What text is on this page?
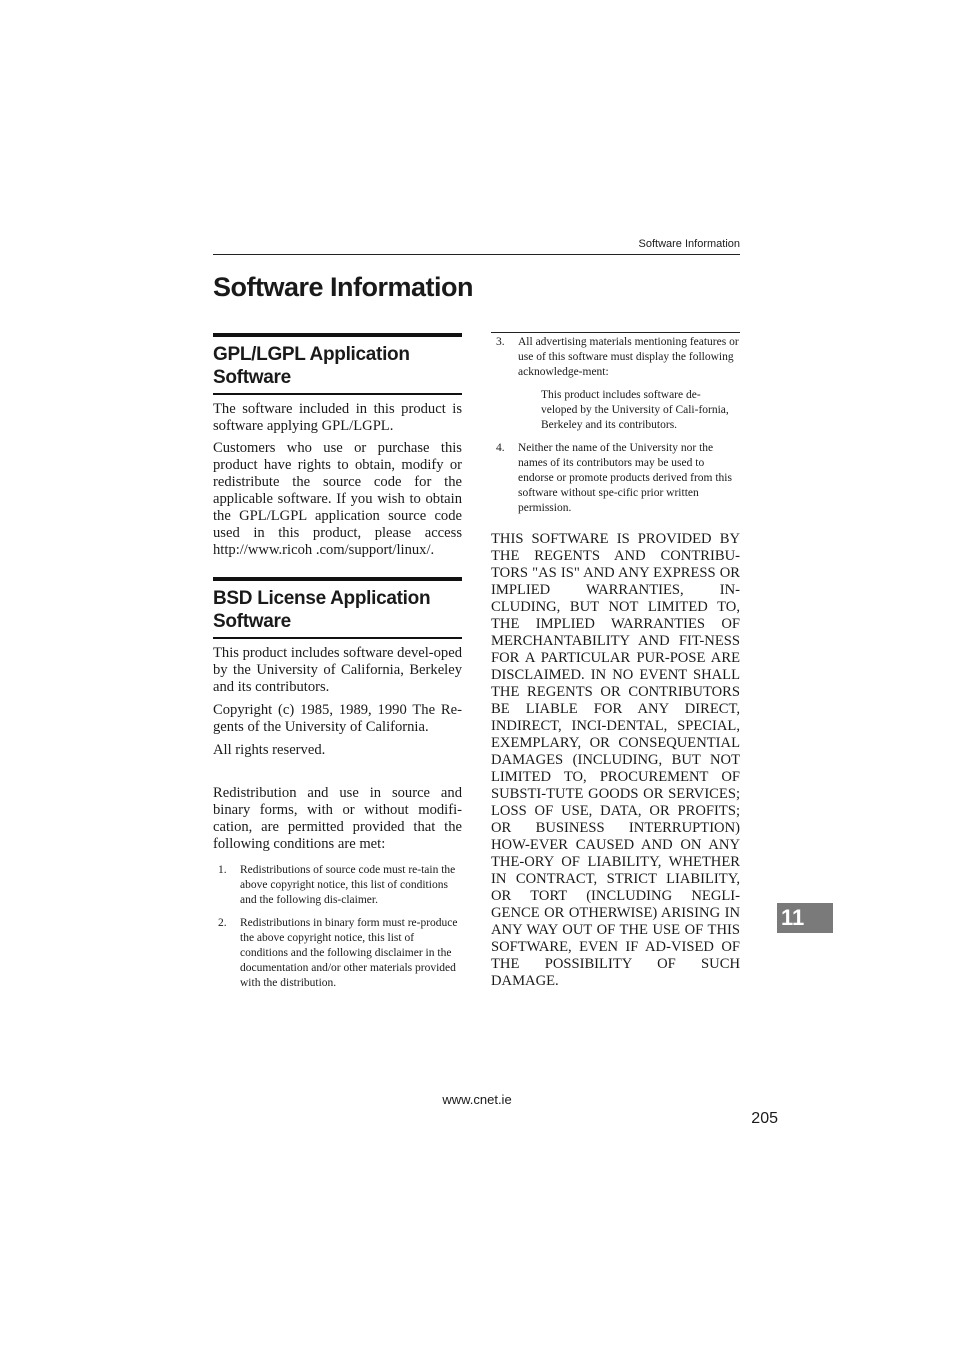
Software Information
Software Information
GPL/LGPL Application Software

The software included in this product is software applying GPL/LGPL.

Customers who use or purchase this product have rights to obtain, modify or redistribute the source code for the applicable software. If you wish to obtain the GPL/LGPL application source code used in this product, please access http://www.ricoh .com/support/linux/.

BSD License Application Software

This product includes software devel-oped by the University of California, Berkeley and its contributors.

Copyright (c) 1985, 1989, 1990 The Re-gents of the University of California.

All rights reserved.

Redistribution and use in source and binary forms, with or without modifi-cation, are permitted provided that the following conditions are met:

1. Redistributions of source code must re-tain the above copyright notice, this list of conditions and the following dis-claimer.
2. Redistributions in binary form must re-produce the above copyright notice, this list of conditions and the following disclaimer in the documentation and/or other materials provided with the distribution.
3. All advertising materials mentioning features or use of this software must display the following acknowledge-ment:

This product includes software de-veloped by the University of Cali-fornia, Berkeley and its contributors.

4. Neither the name of the University nor the names of its contributors may be used to endorse or promote products derived from this software without spe-cific prior written permission.

THIS SOFTWARE IS PROVIDED BY THE REGENTS AND CONTRIBU-TORS "AS IS" AND ANY EXPRESS OR IMPLIED WARRANTIES, IN-CLUDING, BUT NOT LIMITED TO, THE IMPLIED WARRANTIES OF MERCHANTABILITY AND FIT-NESS FOR A PARTICULAR PUR-POSE ARE DISCLAIMED. IN NO EVENT SHALL THE REGENTS OR CONTRIBUTORS BE LIABLE FOR ANY DIRECT, INDIRECT, INCI-DENTAL, SPECIAL, EXEMPLARY, OR CONSEQUENTIAL DAMAGES (INCLUDING, BUT NOT LIMITED TO, PROCUREMENT OF SUBSTI-TUTE GOODS OR SERVICES; LOSS OF USE, DATA, OR PROFITS; OR BUSINESS INTERRUPTION) HOW-EVER CAUSED AND ON ANY THE-ORY OF LIABILITY, WHETHER IN CONTRACT, STRICT LIABILITY, OR TORT (INCLUDING NEGLI-GENCE OR OTHERWISE) ARISING IN ANY WAY OUT OF THE USE OF THIS SOFTWARE, EVEN IF AD-VISED OF THE POSSIBILITY OF SUCH DAMAGE.

11
www.cnet.ie
205
